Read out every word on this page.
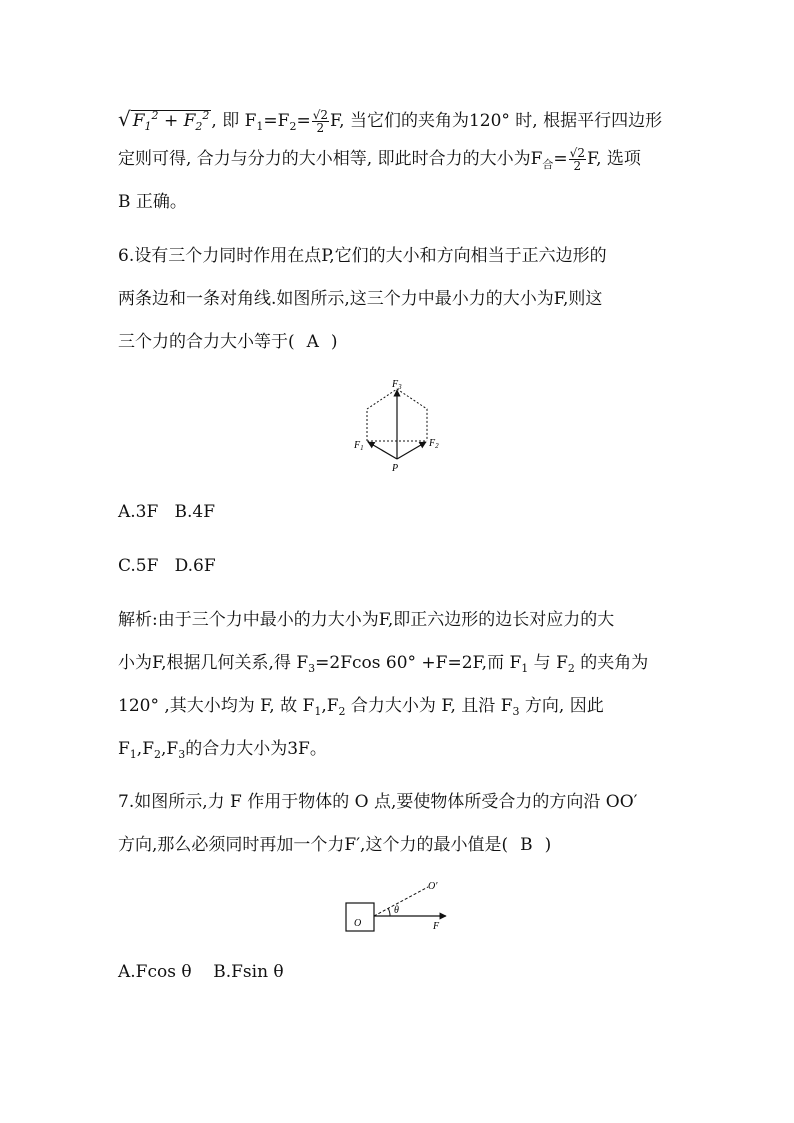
√ $F_1^2 + F_2^2$ , 即 $F_1=F_2= \frac{√2}{2} F$, 当它们的夹角为120° 时, 根据平行四边形
定则可得, 合力与分力的大小相等, 即此时合力的大小为$F_合= \frac{√2}{2} F$, 选项
B 正确。
6.设有三个力同时作用在点P,它们的大小和方向相当于正六边形的
两条边和一条对角线.如图所示,这三个力中最小力的大小为F,则这
三个力的合力大小等于( A )
$F_3$
$F_1$	$F_2$
P
A.3F   B.4F
C.5F   D.6F
解析:由于三个力中最小的力大小为F,即正六边形的边长对应力的大
小为F,根据几何关系,得 $F_3=2Fcos$ 60° +F=2F,而 $F_1$ 与 $F_2$ 的夹角为
120° ,其大小均为 F, 故 $F_1,F_2$ 合力大小为 F, 且沿 $F_3$ 方向, 因此
$F_1,F_2,F_3$的合力大小为3F。
7.如图所示,力 F 作用于物体的 O 点,要使物体所受合力的方向沿 OO′
方向,那么必须同时再加一个力F′,这个力的最小值是( B )
O
O′
θ
F
A.Fcos θ    B.Fsin θ
